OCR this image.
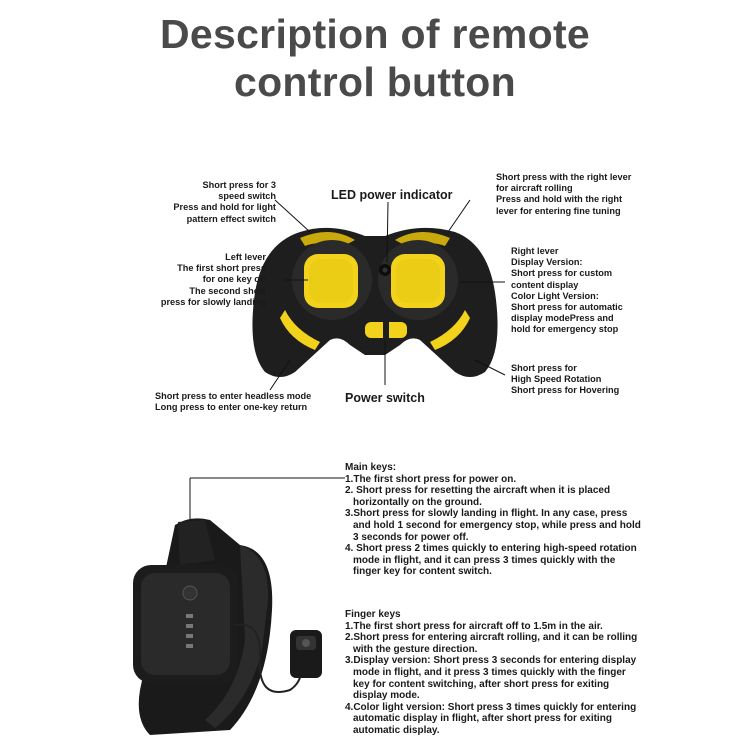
Description of remote
control button
Short press for 3
speed switch
Press and hold for light
pattern effect switch
LED power indicator
Left lever
The first short press
for one key off
The second short
press for slowly landing
Short press to enter headless mode
Long press to enter one-key return
Power switch
Short press with the right lever
for aircraft rolling
Press and hold with the right
lever for entering fine tuning
Right lever
Display Version:
Short press for custom
content display
Color Light Version:
Short press for automatic
display modePress and
hold for emergency stop
Short press for
High Speed Rotation
Short press for Hovering
Main keys:
1.The first short press for power on.
2. Short press for resetting the aircraft when it is placed horizontally on the ground.
3.Short press for slowly landing in flight. In any case, press and hold 1 second for emergency stop, while press and hold 3 seconds for power off.
4. Short press 2 times quickly to entering high-speed rotation mode in flight, and it can press 3 times quickly with the finger key for content switch.
Finger keys
1.The first short press for aircraft off to 1.5m in the air.
2.Short press for entering aircraft rolling, and it can be rolling with the gesture direction.
3.Display version: Short press 3 seconds for entering display mode in flight, and it press 3 times quickly with the finger key for content switching, after short press for exiting display mode.
4.Color light version: Short press 3 times quickly for entering automatic display in flight, after short press for exiting automatic display.
